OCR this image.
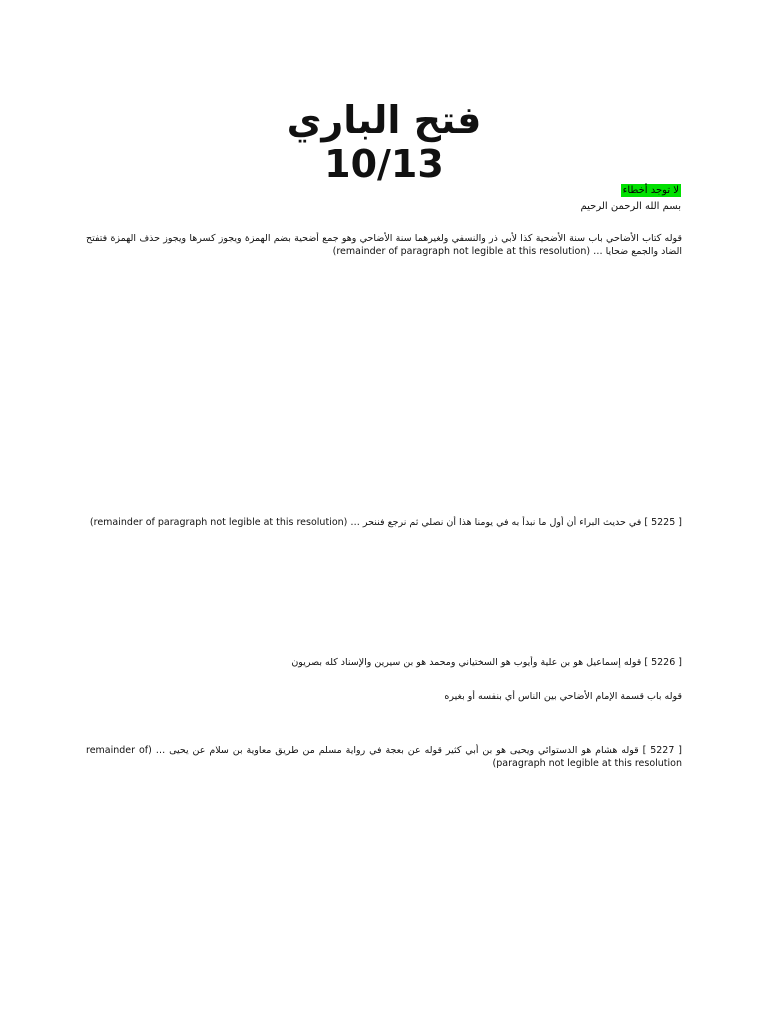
فتح الباري
10/13
لا توجد أخطاء
بسم الله الرحمن الرحيم

قوله كتاب الأضاحي باب سنة الأضحية كذا لأبي ذر والنسفي ولغيرهما سنة الأضاحي وهو جمع أضحية بضم الهمزة ويجوز كسرها ويجوز حذف الهمزة فتفتح الضاد والجمع ضحايا … (remainder of paragraph not legible at this resolution)

[ 5225 ] في حديث البراء أن أول ما نبدأ به في يومنا هذا أن نصلي ثم نرجع فننحر … (remainder of paragraph not legible at this resolution)

[ 5226 ] قوله إسماعيل هو بن علية وأيوب هو السختياني ومحمد هو بن سيرين والإسناد كله بصريون

قوله باب قسمة الإمام الأضاحي بين الناس أي بنفسه أو بغيره

[ 5227 ] قوله هشام هو الدستوائي ويحيى هو بن أبي كثير قوله عن بعجة في رواية مسلم من طريق معاوية بن سلام عن يحيى … (remainder of paragraph not legible at this resolution)
